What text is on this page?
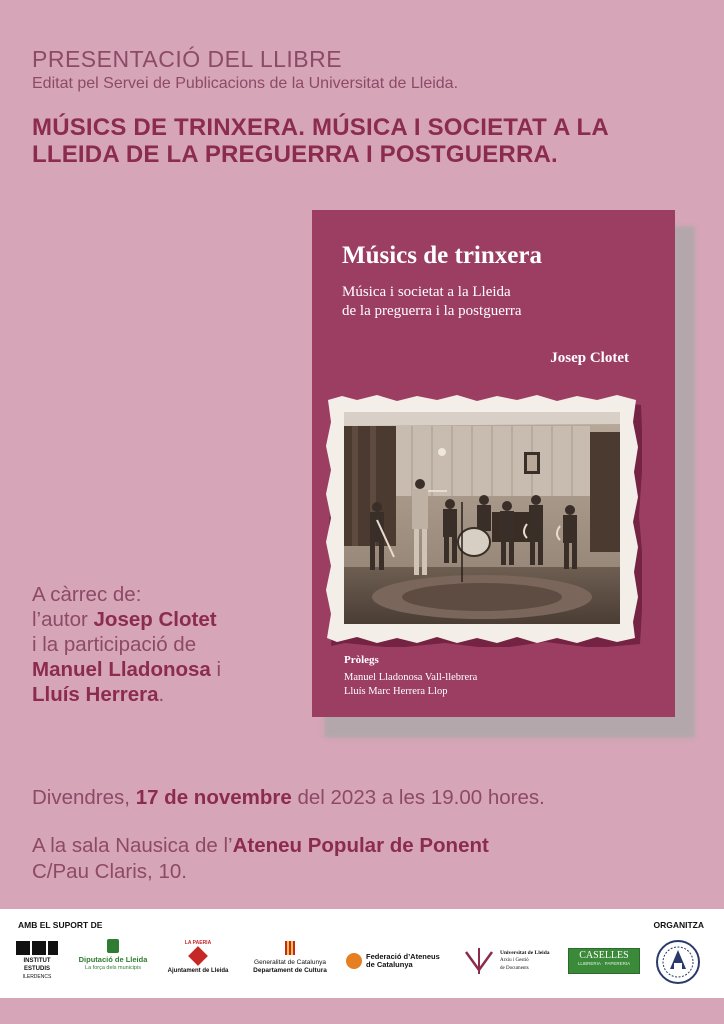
PRESENTACIÓ DEL LLIBRE
Editat pel Servei de Publicacions de la Universitat de Lleida.
MÚSICS DE TRINXERA. MÚSICA I SOCIETAT A LA
LLEIDA DE LA PREGUERRA I POSTGUERRA.
Músics de trinxera
Música i societat a la Lleida
de la preguerra i la postguerra
Josep Clotet
Pròlegs
Manuel Lladonosa Vall-llebrera
Lluís Marc Herrera Llop
A càrrec de:
l’autor Josep Clotet
i la participació de
Manuel Lladonosa i
Lluís Herrera.
Divendres, 17 de novembre del 2023 a les 19.00 hores.
A la sala Nausica de l’Ateneu Popular de Ponent
C/Pau Claris, 10.
AMB EL SUPORT DE	ORGANITZA
INSTITUT
ESTUDIS
ILERDENCS
Diputació de Lleida
La força dels municipis
LA PAERIA
Ajuntament de Lleida
Generalitat de Catalunya
Departament de Cultura
Federació d’Ateneus
de Catalunya
Universitat de Lleida
Arxiu i Gestió
de Documents
CASELLES
LLIBRERIA · PAPERERIA
